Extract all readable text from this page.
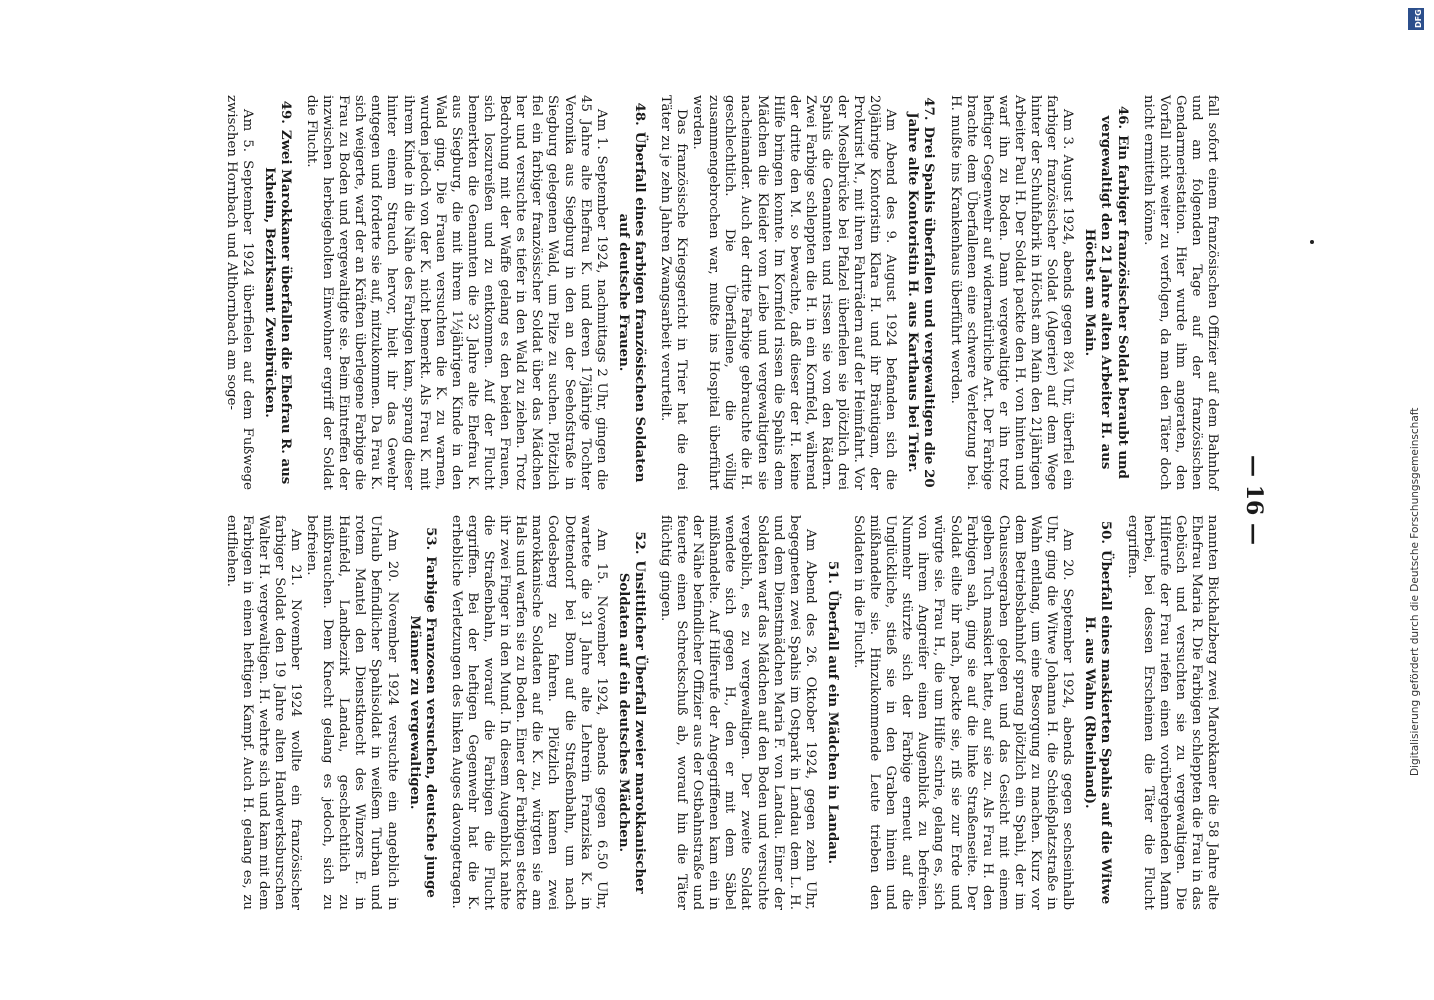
— 16 —

fall sofort einem französischen Offizier auf dem Bahnhof und am folgenden Tage auf der französischen Gendarmeriestation. Hier wurde ihm angeraten, den Vorfall nicht weiter zu verfolgen, da man den Täter doch nicht ermitteln könne.

46.Ein farbiger französischer Soldat beraubt und vergewaltigt den 21 Jahre alten Arbeiter H. aus Höchst am Main.

Am 3. August 1924, abends gegen 8¾ Uhr, überfiel ein farbiger französischer Soldat (Algerier) auf dem Wege hinter der Schuhfabrik in Höchst am Main den 21jährigen Arbeiter Paul H. Der Soldat packte den H. von hinten und warf ihn zu Boden. Dann vergewaltigte er ihn trotz heftiger Gegenwehr auf widernatürliche Art. Der Farbige brachte dem Überfallenen eine schwere Verletzung bei. H. mußte ins Krankenhaus überführt werden.

47.Drei Spahis überfallen und vergewaltigen die 20 Jahre alte Kontoristin H. aus Karthaus bei Trier.

Am Abend des 9. August 1924 befanden sich die 20jährige Kontoristin Klara H. und ihr Bräutigam, der Prokurist M., mit ihren Fahrrädern auf der Heimfahrt. Vor der Moselbrücke bei Pfalzel überfielen sie plötzlich drei Spahis die Genannten und rissen sie von den Rädern. Zwei Farbige schleppten die H. in ein Kornfeld, während der dritte den M. so bewachte, daß dieser der H. keine Hilfe bringen konnte. Im Kornfeld rissen die Spahis dem Mädchen die Kleider vom Leibe und vergewaltigten sie nacheinander. Auch der dritte Farbige gebrauchte die H. geschlechtlich. Die Überfallene, die völlig zusammengebrochen war, mußte ins Hospital überführt werden.

Das französische Kriegsgericht in Trier hat die drei Täter zu je zehn Jahren Zwangsarbeit verurteilt.

48.Überfall eines farbigen französischen Soldaten auf deutsche Frauen.

Am 1. September 1924, nachmittags 2 Uhr, gingen die 45 Jahre alte Ehefrau K. und deren 17jährige Tochter Veronika aus Siegburg in den an der Seehofstraße in Siegburg gelegenen Wald, um Pilze zu suchen. Plötzlich fiel ein farbiger französischer Soldat über das Mädchen her und versuchte es tiefer in den Wald zu ziehen. Trotz Bedrohung mit der Waffe gelang es den beiden Frauen, sich loszureißen und zu entkommen. Auf der Flucht bemerkten die Genannten die 32 Jahre alte Ehefrau K. aus Siegburg, die mit ihrem 1½jährigen Kinde in den Wald ging. Die Frauen versuchten die K. zu warnen, wurden jedoch von der K. nicht bemerkt. Als Frau K. mit ihrem Kinde in die Nähe des Farbigen kam, sprang dieser hinter einem Strauch hervor, hielt ihr das Gewehr entgegen und forderte sie auf, mitzukommen. Da Frau K. sich weigerte, warf der an Kräften überlegene Farbige die Frau zu Boden und vergewaltigte sie. Beim Eintreffen der inzwischen herbeigeholten Einwohner ergriff der Soldat die Flucht.

49.Zwei Marokkaner überfallen die Ehefrau R. aus Ixheim, Bezirksamt Zweibrücken.

Am 5. September 1924 überfielen auf dem Fußwege zwischen Hornbach und Althornbach am soge-

nannten Bickhalzberg zwei Marokkaner die 58 Jahre alte Ehefrau Maria R. Die Farbigen schleppten die Frau in das Gebüsch und versuchten sie zu vergewaltigen. Die Hilferufe der Frau riefen einen vorübergehenden Mann herbei, bei dessen Erscheinen die Täter die Flucht ergriffen.

50.Überfall eines maskierten Spahis auf die Witwe H. aus Wahn (Rheinland).

Am 20. September 1924, abends gegen sechseinhalb Uhr, ging die Witwe Johanna H. die Schießplatzstraße in Wahn entlang, um eine Besorgung zu machen. Kurz vor dem Betriebsbahnhof sprang plötzlich ein Spahi, der im Chausseegraben gelegen und das Gesicht mit einem gelben Tuch maskiert hatte, auf sie zu. Als Frau H. den Farbigen sah, ging sie auf die linke Straßenseite. Der Soldat eilte ihr nach, packte sie, riß sie zur Erde und würgte sie. Frau H., die um Hilfe schrie, gelang es, sich von ihrem Angreifer einen Augenblick zu befreien. Nunmehr stürzte sich der Farbige erneut auf die Unglückliche, stieß sie in den Graben hinein und mißhandelte sie. Hinzukommende Leute trieben den Soldaten in die Flucht.

51.Überfall auf ein Mädchen in Landau.

Am Abend des 26. Oktober 1924, gegen zehn Uhr, begegneten zwei Spahis im Ostpark in Landau dem L. H. und dem Dienstmädchen Maria F. von Landau. Einer der Soldaten warf das Mädchen auf den Boden und versuchte vergeblich, es zu vergewaltigen. Der zweite Soldat wendete sich gegen H., den er mit dem Säbel mißhandelte. Auf Hilferufe der Angegriffenen kam ein in der Nähe befindlicher Offizier aus der Ostbahnstraße und feuerte einen Schreckschuß ab, worauf hin die Täter flüchtig gingen.

52.Unsittlicher Überfall zweier marokkanischer Soldaten auf ein deutsches Mädchen.

Am 15. November 1924, abends gegen 6.50 Uhr, wartete die 31 Jahre alte Lehrerin Franziska K. in Dottendorf bei Bonn auf die Straßenbahn, um nach Godesberg zu fahren. Plötzlich kamen zwei marokkanische Soldaten auf die K. zu, würgten sie am Hals und warfen sie zu Boden. Einer der Farbigen steckte ihr zwei Finger in den Mund. In diesem Augenblick nahte die Straßenbahn, worauf die Farbigen die Flucht ergriffen. Bei der heftigen Gegenwehr hat die K. erhebliche Verletzungen des linken Auges davongetragen.

53.Farbige Franzosen versuchen, deutsche junge Männer zu vergewaltigen.

Am 20. November 1924 versuchte ein angeblich in Urlaub befindlicher Spahisoldat in weißem Turban und rotem Mantel den Dienstknecht des Winzers E. in Hainfeld, Landbezirk Landau, geschlechtlich zu mißbrauchen. Dem Knecht gelang es jedoch, sich zu befreien.

Am 21. November 1924 wollte ein französischer farbiger Soldat den 19 Jahre alten Handwerksburschen Walter H. vergewaltigen. H. wehrte sich und kam mit dem Farbigen in einen heftigen Kampf. Auch H. gelang es, zu entfliehen.	Digitalisierung gefördert durch die Deutsche Forschungsgemeinschaft
DFG
